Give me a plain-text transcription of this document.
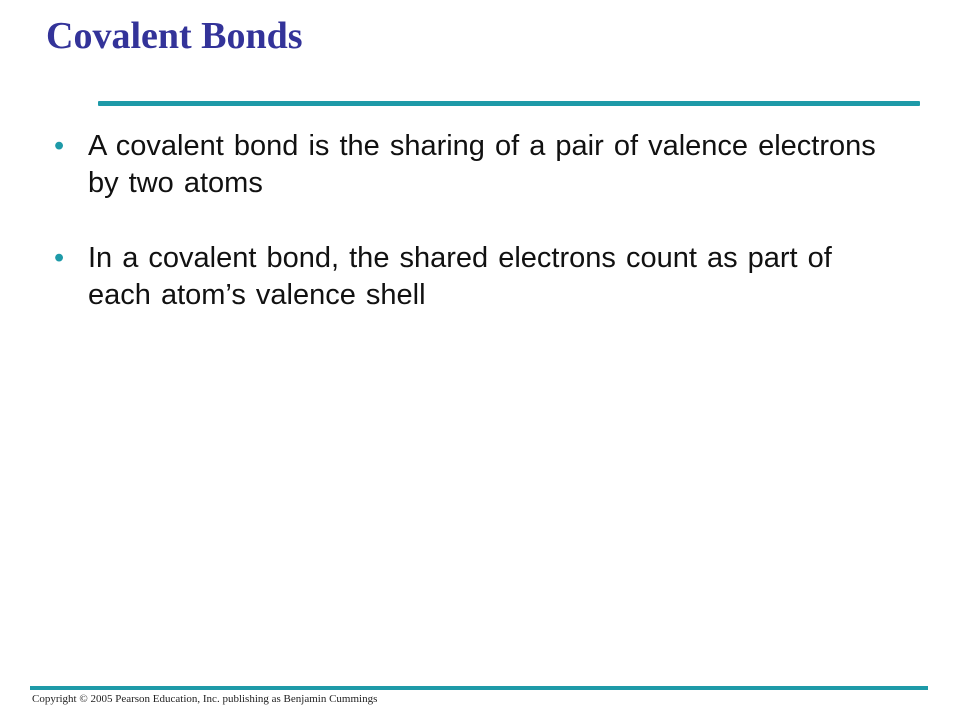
Covalent Bonds
• A covalent bond is the sharing of a pair of valence electrons by two atoms
• In a covalent bond, the shared electrons count as part of each atom’s valence shell
Copyright © 2005 Pearson Education, Inc. publishing as Benjamin Cummings
